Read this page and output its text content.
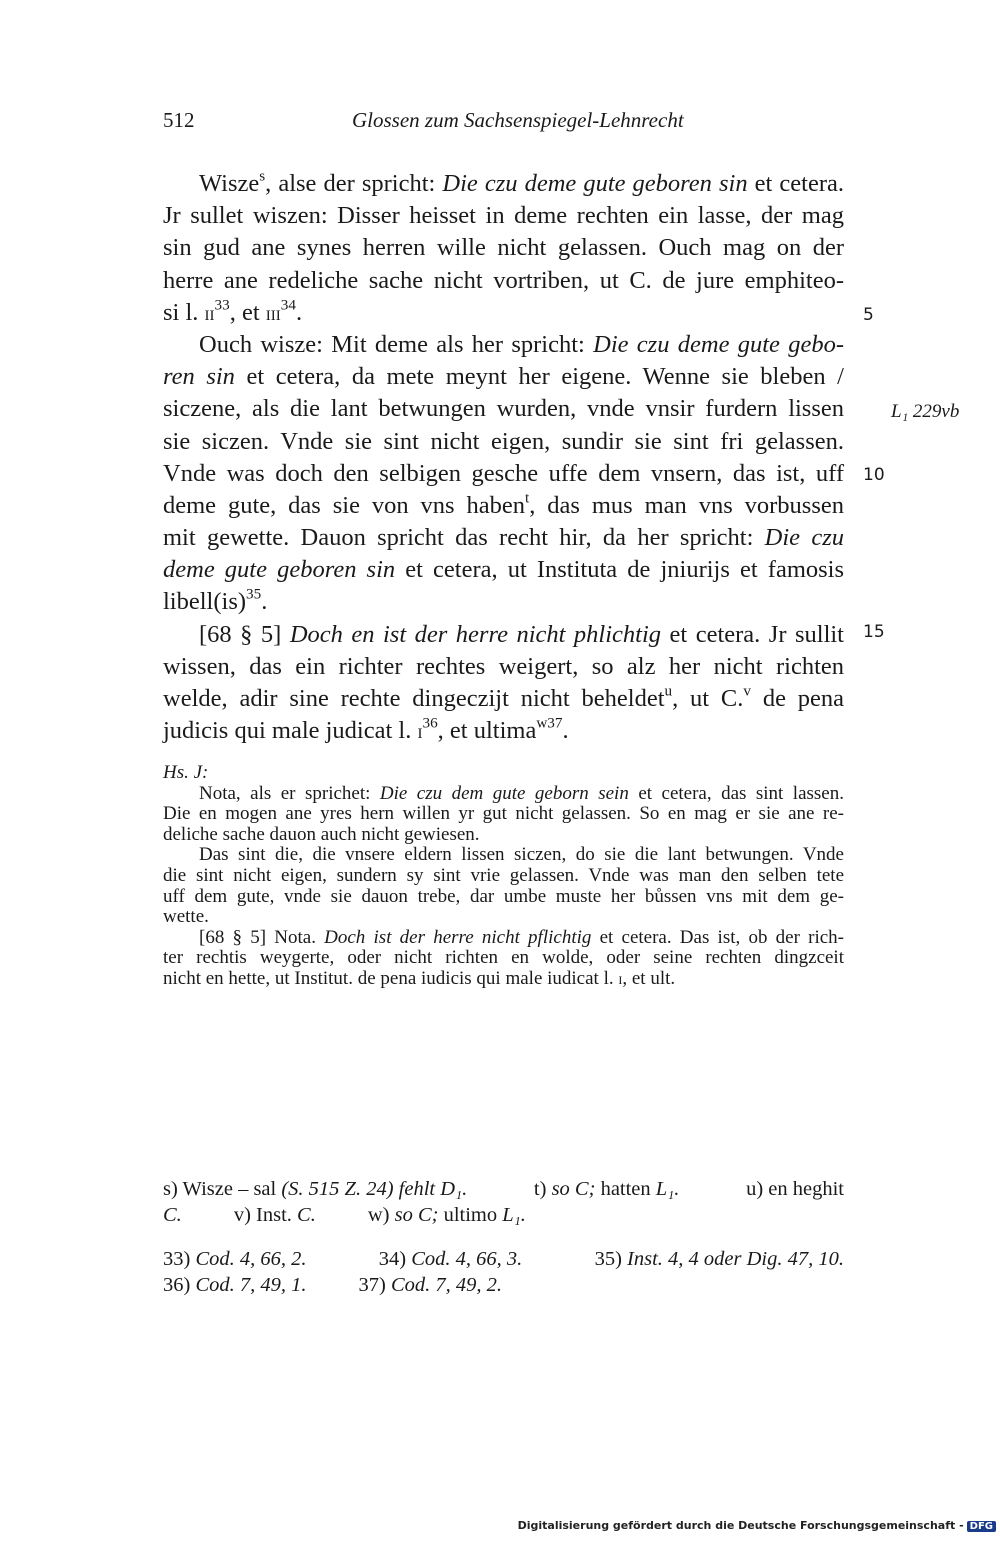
512	Glossen zum Sachsenspiegel-Lehnrecht
Wisze$^s$, alse der spricht: Die czu deme gute geboren sin et cetera.
Jr sullet wiszen: Disser heisset in deme rechten ein lasse, der mag
sin gud ane synes herren wille nicht gelassen. Ouch mag on der
herre ane redeliche sache nicht vortriben, ut C. de jure emphiteo-
si l. $ii^{33}$, et iii$^{34}$.
Ouch wisze: Mit deme als her spricht: Die czu deme gute gebo-
ren sin et cetera, da mete meynt her eigene. Wenne sie bleben /
siczene, als die lant betwungen wurden, vnde vnsir furdern lissen
sie siczen. Vnde sie sint nicht eigen, sundir sie sint fri gelassen.
Vnde was doch den selbigen gesche uffe dem vnsern, das ist, uff
deme gute, das sie von vns haben$^t$, das mus man vns vorbussen
mit gewette. Dauon spricht das recht hir, da her spricht: Die czu
deme gute geboren sin et cetera, ut Instituta de jniurijs et famosis
libell(is)$^{35}$.
[68 § 5] Doch en ist der herre nicht phlichtig et cetera. Jr sullit
wissen, das ein richter rechtes weigert, so alz her nicht richten
welde, adir sine rechte dingeczijt nicht beheldet$^u$, ut C.$^v$ de pena
judicis qui male judicat l. $i^{36}$, et ultima$^{w37}$.
5
10
15
L₁ 229vb
Hs. J:
Nota, als er sprichet: Die czu dem gute geborn sein et cetera, das sint lassen.
Die en mogen ane yres hern willen yr gut nicht gelassen. So en mag er sie ane re-
deliche sache dauon auch nicht gewiesen.
Das sint die, die vnsere eldern lissen siczen, do sie die lant betwungen. Vnde
die sint nicht eigen, sundern sy sint vrie gelassen. Vnde was man den selben tete
uff dem gute, vnde sie dauon trebe, dar umbe muste her bůssen vns mit dem ge-
wette.
[68 § 5] Nota. Doch ist der herre nicht pflichtig et cetera. Das ist, ob der rich-
ter rechtis weygerte, oder nicht richten en wolde, oder seine rechten dingzceit
nicht en hette, ut Institut. de pena iudicis qui male iudicat l. i, et ult.
s) Wisze – sal (S. 515 Z. 24) fehlt D₁.	t) so C; hatten L₁.	u) en heghit
C.	v) Inst. C.	w) so C; ultimo L₁.
33) Cod. 4, 66, 2.	34) Cod. 4, 66, 3.	35) Inst. 4, 4 oder Dig. 47, 10.
36) Cod. 7, 49, 1.	37) Cod. 7, 49, 2.
Digitalisierung gefördert durch die Deutsche Forschungsgemeinschaft - DFG
